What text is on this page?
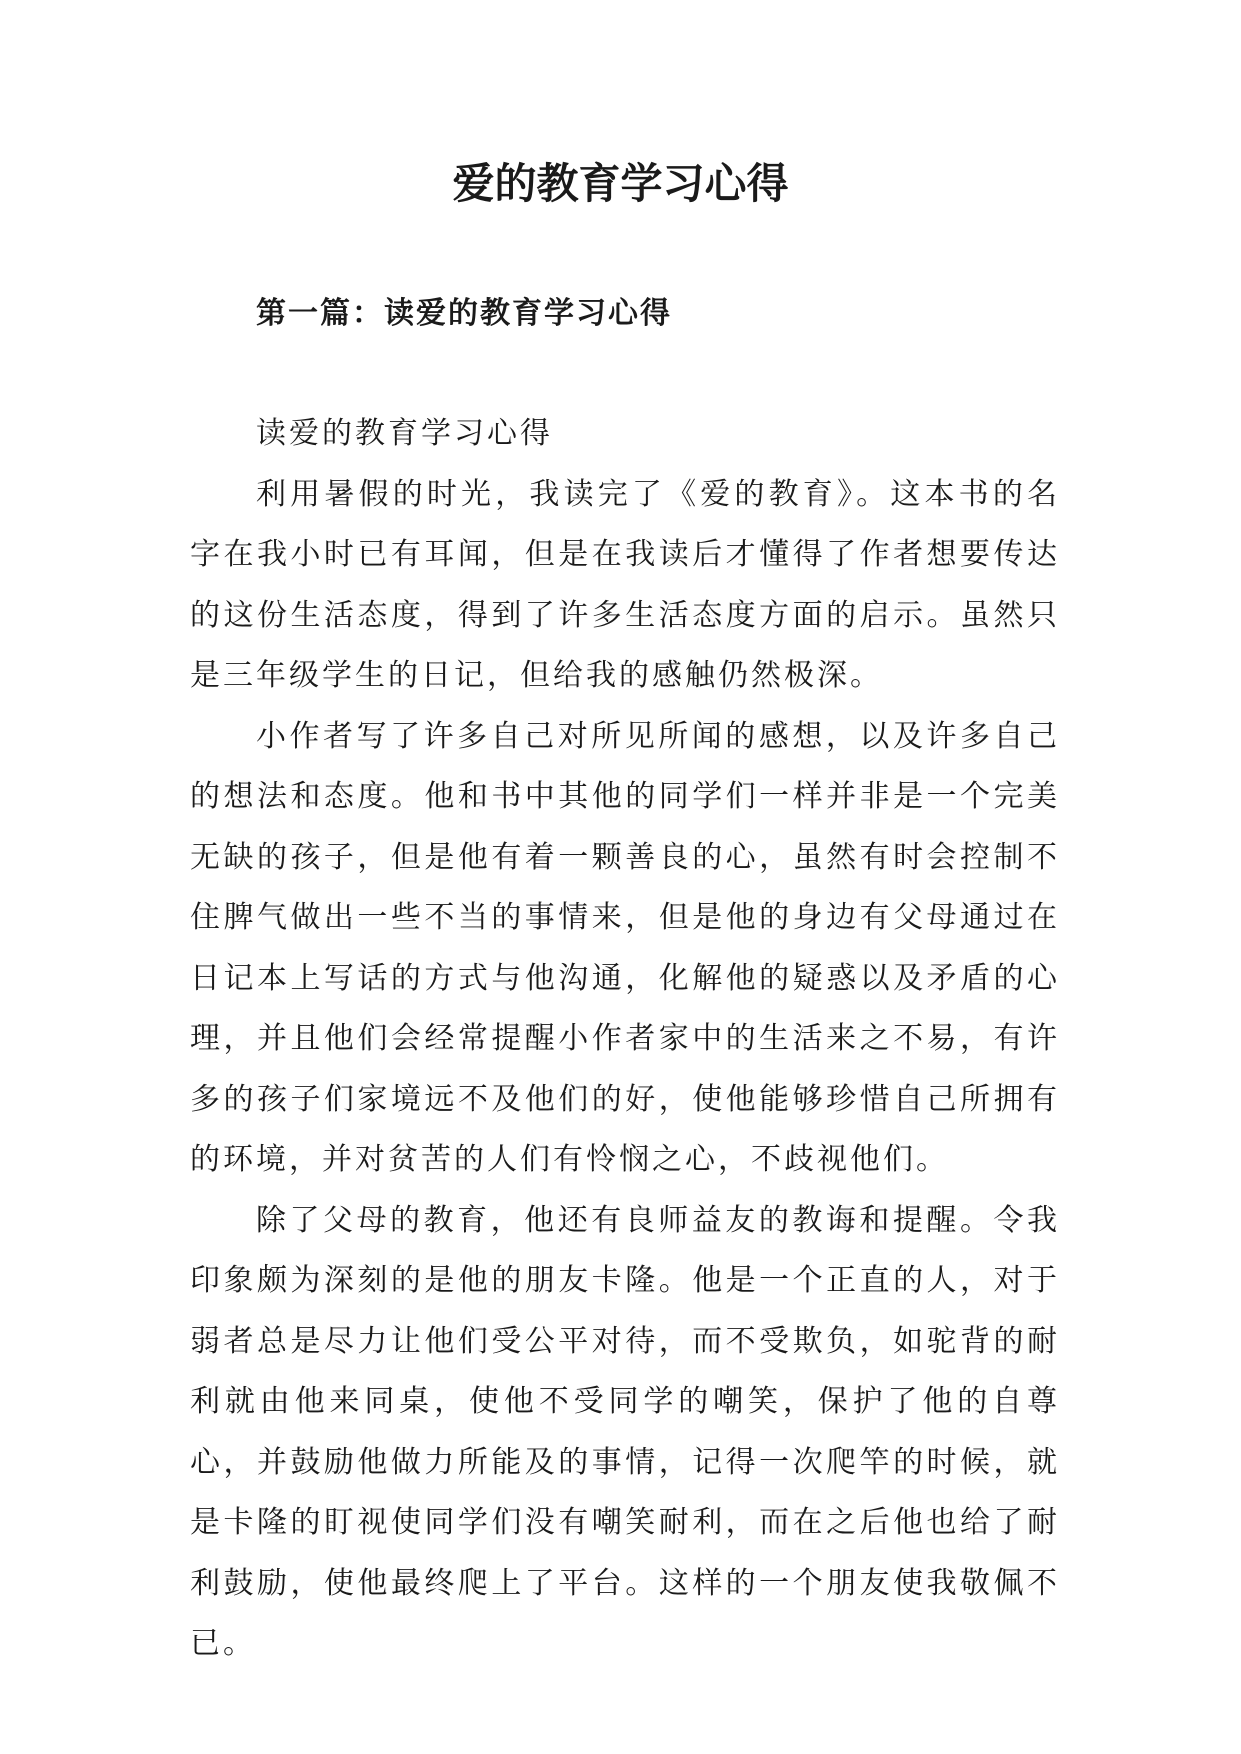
爱的教育学习心得
第一篇：读爱的教育学习心得

读爱的教育学习心得

利用暑假的时光，我读完了《爱的教育》。这本书的名字在我小时已有耳闻，但是在我读后才懂得了作者想要传达的这份生活态度，得到了许多生活态度方面的启示。虽然只是三年级学生的日记，但给我的感触仍然极深。

小作者写了许多自己对所见所闻的感想，以及许多自己的想法和态度。他和书中其他的同学们一样并非是一个完美无缺的孩子，但是他有着一颗善良的心，虽然有时会控制不住脾气做出一些不当的事情来，但是他的身边有父母通过在日记本上写话的方式与他沟通，化解他的疑惑以及矛盾的心理，并且他们会经常提醒小作者家中的生活来之不易，有许多的孩子们家境远不及他们的好，使他能够珍惜自己所拥有的环境，并对贫苦的人们有怜悯之心，不歧视他们。

除了父母的教育，他还有良师益友的教诲和提醒。令我印象颇为深刻的是他的朋友卡隆。他是一个正直的人，对于弱者总是尽力让他们受公平对待，而不受欺负，如驼背的耐利就由他来同桌，使他不受同学的嘲笑，保护了他的自尊心，并鼓励他做力所能及的事情，记得一次爬竿的时候，就是卡隆的盯视使同学们没有嘲笑耐利，而在之后他也给了耐利鼓励，使他最终爬上了平台。这样的一个朋友使我敬佩不已。
